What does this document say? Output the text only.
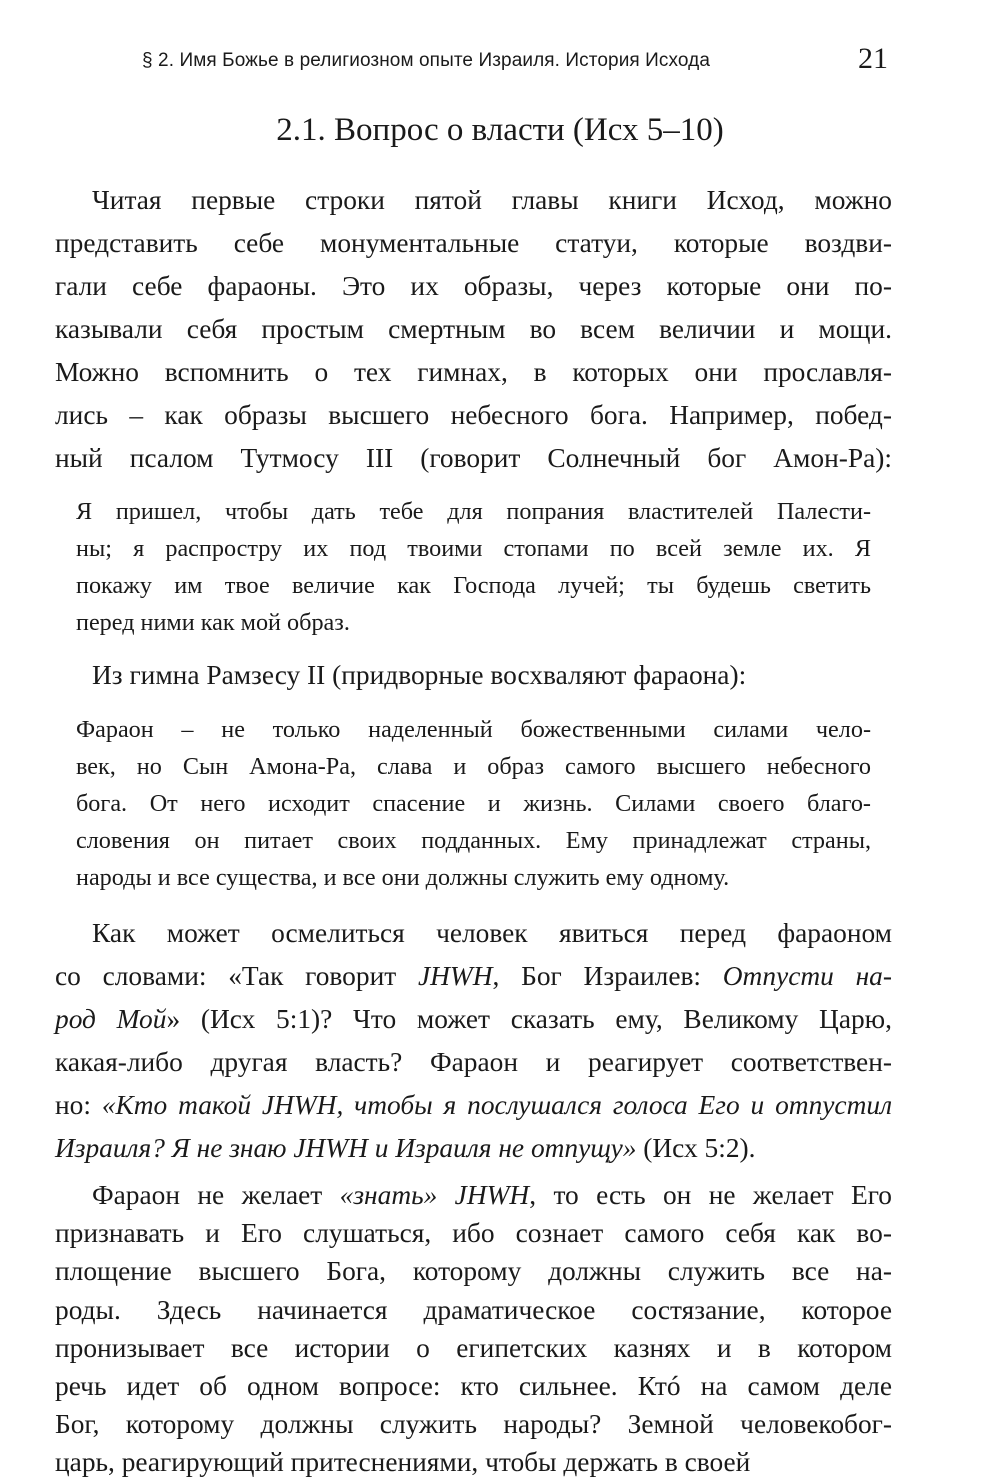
§ 2. Имя Божье в религиозном опыте Израиля. История Исхода	21
2.1. Вопрос о власти (Исх 5–10)
Читая первые строки пятой главы книги Исход, можно
представить себе монументальные статуи, которые воздви-
гали себе фараоны. Это их образы, через которые они по-
казывали себя простым смертным во всем величии и мощи.
Можно вспомнить о тех гимнах, в которых они прославля-
лись – как образы высшего небесного бога. Например, побед-
ный псалом Тутмосу III (говорит Солнечный бог Амон-Ра):
Я пришел, чтобы дать тебе для попрания властителей Палести-
ны; я распростру их под твоими стопами по всей земле их. Я
покажу им твое величие как Господа лучей; ты будешь светить
перед ними как мой образ.
Из гимна Рамзесу II (придворные восхваляют фараона):
Фараон – не только наделенный божественными силами чело-
век, но Сын Амона-Ра, слава и образ самого высшего небесного
бога. От него исходит спасение и жизнь. Силами своего благо-
словения он питает своих подданных. Ему принадлежат страны,
народы и все существа, и все они должны служить ему одному.
Как может осмелиться человек явиться перед фараоном
со словами: «Так говорит JHWH, Бог Израилев: Отпусти на-
род Мой» (Исх 5:1)? Что может сказать ему, Великому Царю,
какая-либо другая власть? Фараон и реагирует соответствен-
но: «Кто такой JHWH, чтобы я послушался голоса Его и отпустил
Израиля? Я не знаю JHWH и Израиля не отпущу» (Исх 5:2).
Фараон не желает «знать» JHWH, то есть он не желает Его
признавать и Его слушаться, ибо сознает самого себя как во-
площение высшего Бога, которому должны служить все на-
роды. Здесь начинается драматическое состязание, которое
пронизывает все истории о египетских казнях и в котором
речь идет об одном вопросе: кто сильнее. Ктó на самом деле
Бог, которому должны служить народы? Земной человекобог-
царь, реагирующий притеснениями, чтобы держать в своей
